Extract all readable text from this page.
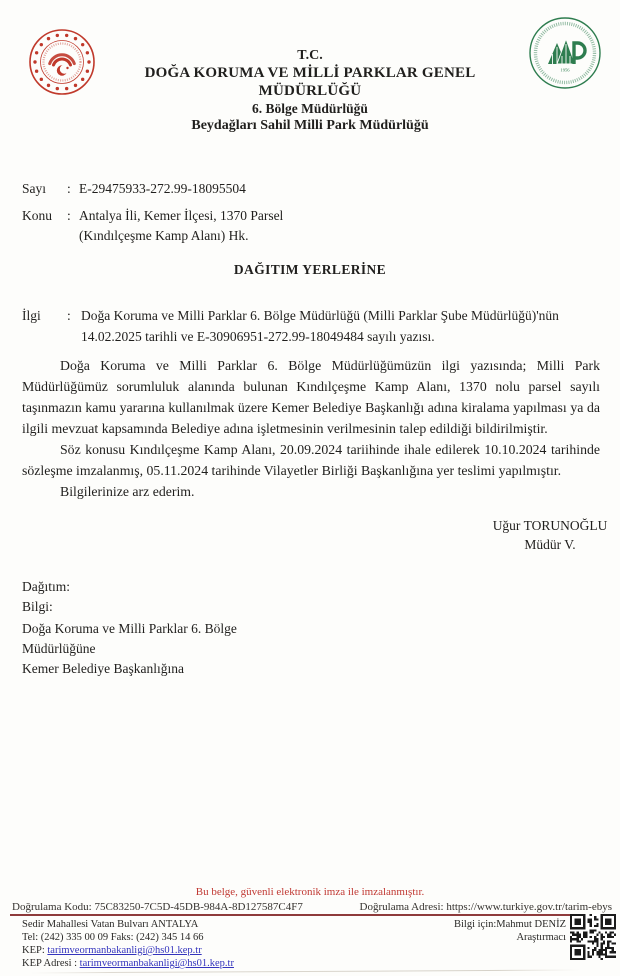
1956
T.C.
DOĞA KORUMA VE MİLLİ PARKLAR GENEL MÜDÜRLÜĞÜ
6. Bölge Müdürlüğü
Beydağları Sahil Milli Park Müdürlüğü
Sayı	: E-29475933-272.99-18095504
Konu	: Antalya İli, Kemer İlçesi, 1370 Parsel
(Kındılçeşme Kamp Alanı) Hk.
DAĞITIM YERLERİNE
İlgi	: Doğa Koruma ve Milli Parklar 6. Bölge Müdürlüğü (Milli Parklar Şube Müdürlüğü)'nün 14.02.2025 tarihli ve E-30906951-272.99-18049484 sayılı yazısı.

Doğa Koruma ve Milli Parklar 6. Bölge Müdürlüğümüzün ilgi yazısında; Milli Park Müdürlüğümüz sorumluluk alanında bulunan Kındılçeşme Kamp Alanı, 1370 nolu parsel sayılı taşınmazın kamu yararına kullanılmak üzere Kemer Belediye Başkanlığı adına kiralama yapılması ya da ilgili mevzuat kapsamında Belediye adına işletmesinin verilmesinin talep edildiği bildirilmiştir.

Söz konusu Kındılçeşme Kamp Alanı, 20.09.2024 tariihinde ihale edilerek 10.10.2024 tarihinde sözleşme imzalanmış, 05.11.2024 tarihinde Vilayetler Birliği Başkanlığına yer teslimi yapılmıştır.

Bilgilerinize arz ederim.

Uğur TORUNOĞLU
Müdür V.
Dağıtım:
Bilgi:
Doğa Koruma ve Milli Parklar 6. Bölge
Müdürlüğüne
Kemer Belediye Başkanlığına
Bu belge, güvenli elektronik imza ile imzalanmıştır.
Doğrulama Kodu: 75C83250-7C5D-45DB-984A-8D127587C4F7	Doğrulama Adresi: https://www.turkiye.gov.tr/tarim-ebys
Sedir Mahallesi Vatan Bulvarı ANTALYA
Tel: (242) 335 00 09 Faks: (242) 345 14 66
KEP: tarimveormanbakanligi@hs01.kep.tr
KEP Adresi : tarimveormanbakanligi@hs01.kep.tr
Bilgi için:Mahmut DENİZ
Araştırmacı
